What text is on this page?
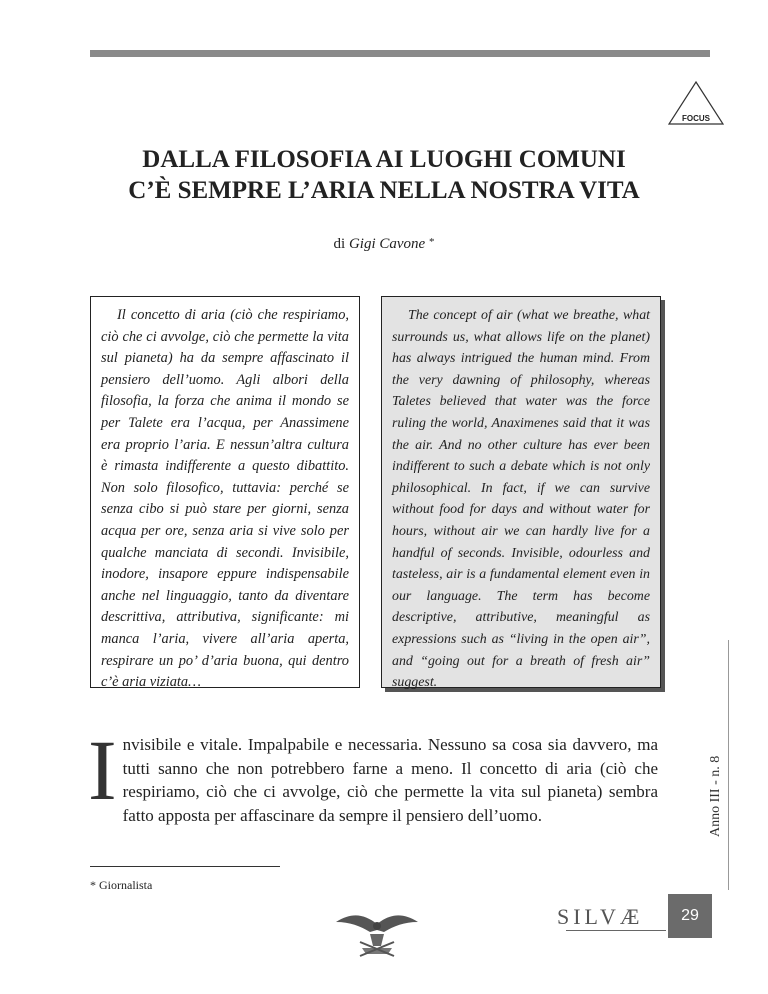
FOCUS
DALLA FILOSOFIA AI LUOGHI COMUNI
C’È SEMPRE L’ARIA NELLA NOSTRA VITA
di Gigi Cavone *

Il concetto di aria (ciò che respiriamo, ciò che ci avvolge, ciò che permette la vita sul pianeta) ha da sempre affascinato il pensiero dell’uomo. Agli albori della filosofia, la forza che anima il mondo se per Talete era l’acqua, per Anassimene era proprio l’aria. E nessun’altra cultura è rimasta indifferente a questo dibattito. Non solo filosofico, tuttavia: perché se senza cibo si può stare per giorni, senza acqua per ore, senza aria si vive solo per qualche manciata di secondi. Invisibile, inodore, insapore eppure indispensabile anche nel linguaggio, tanto da diventare descrittiva, attributiva, significante: mi manca l’aria, vivere all’aria aperta, respirare un po’ d’aria buona, qui dentro c’è aria viziata…

The concept of air (what we breathe, what surrounds us, what allows life on the planet) has always intrigued the human mind. From the very dawning of philosophy, whereas Taletes believed that water was the force ruling the world, Anaximenes said that it was the air. And no other culture has ever been indifferent to such a debate which is not only philosophical. In fact, if we can survive without food for days and without water for hours, without air we can hardly live for a handful of seconds. Invisible, odourless and tasteless, air is a fundamental element even in our language. The term has become descriptive, attributive, meaningful as expressions such as “living in the open air”, and “going out for a breath of fresh air” suggest.

Invisibile e vitale. Impalpabile e necessaria. Nessuno sa cosa sia davvero, ma tutti sanno che non potrebbero farne a meno. Il concetto di aria (ciò che respiriamo, ciò che ci avvolge, ciò che permette la vita sul pianeta) sembra fatto apposta per affascinare da sempre il pensiero dell’uomo.
* Giornalista
Anno III - n. 8
SILVÆ	29
